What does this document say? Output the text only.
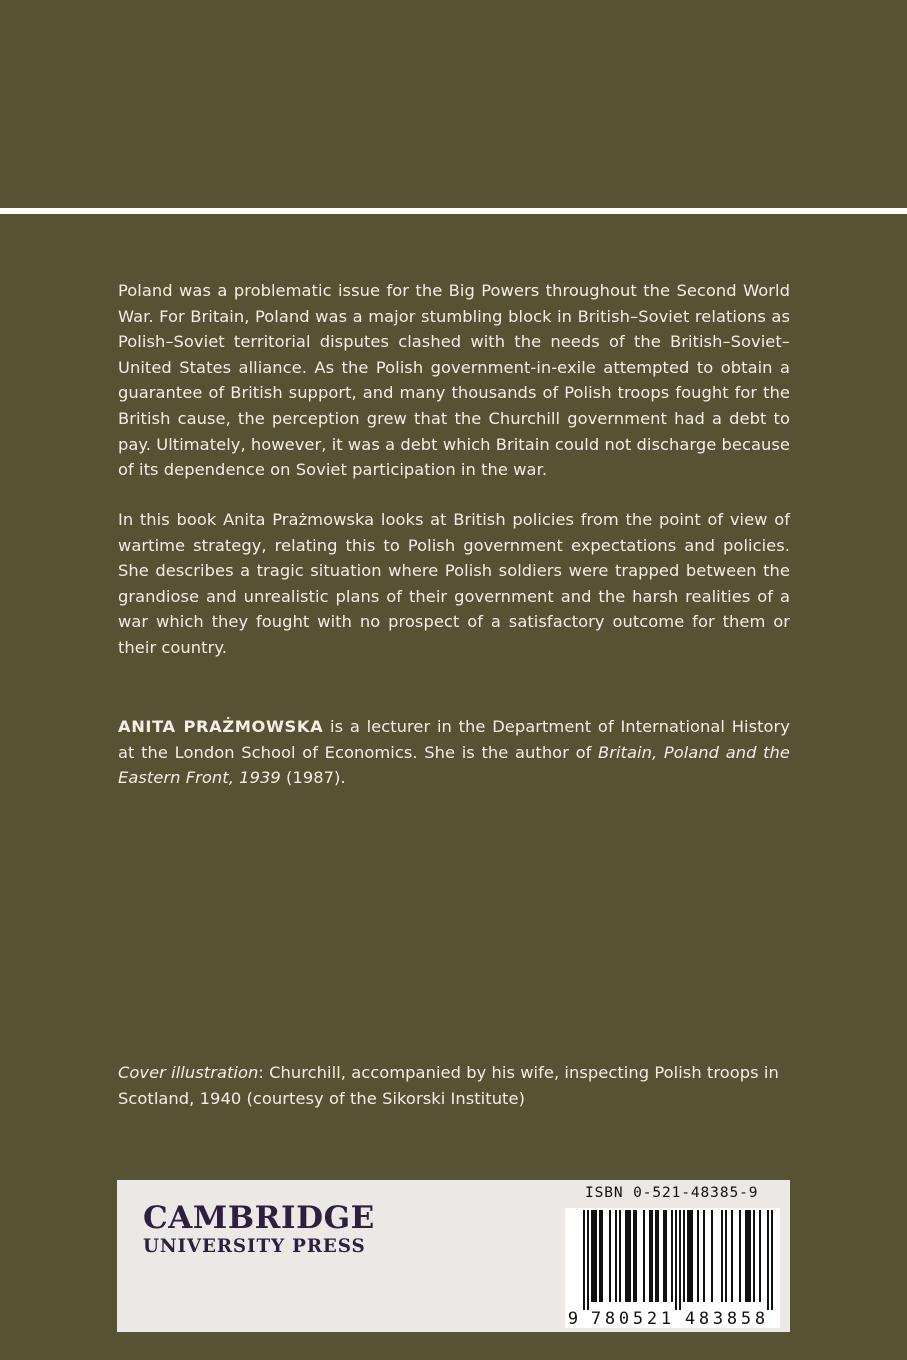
Poland was a problematic issue for the Big Powers throughout the Second World War. For Britain, Poland was a major stumbling block in British–Soviet relations as Polish–Soviet territorial disputes clashed with the needs of the British–Soviet–United States alliance. As the Polish government-in-exile attempted to obtain a guarantee of British support, and many thousands of Polish troops fought for the British cause, the perception grew that the Churchill government had a debt to pay. Ultimately, however, it was a debt which Britain could not discharge because of its dependence on Soviet participation in the war.

In this book Anita Prażmowska looks at British policies from the point of view of wartime strategy, relating this to Polish government expectations and policies. She describes a tragic situation where Polish soldiers were trapped between the grandiose and unrealistic plans of their government and the harsh realities of a war which they fought with no prospect of a satisfactory outcome for them or their country.

ANITA PRAŻMOWSKA is a lecturer in the Department of International History at the London School of Economics. She is the author of Britain, Poland and the Eastern Front, 1939 (1987).

Cover illustration: Churchill, accompanied by his wife, inspecting Polish troops in Scotland, 1940 (courtesy of the Sikorski Institute)

CAMBRIDGE
UNIVERSITY PRESS
ISBN 0-521-48385-9
9 7 8 0 5 2 1 4 8 3 8 5 8
